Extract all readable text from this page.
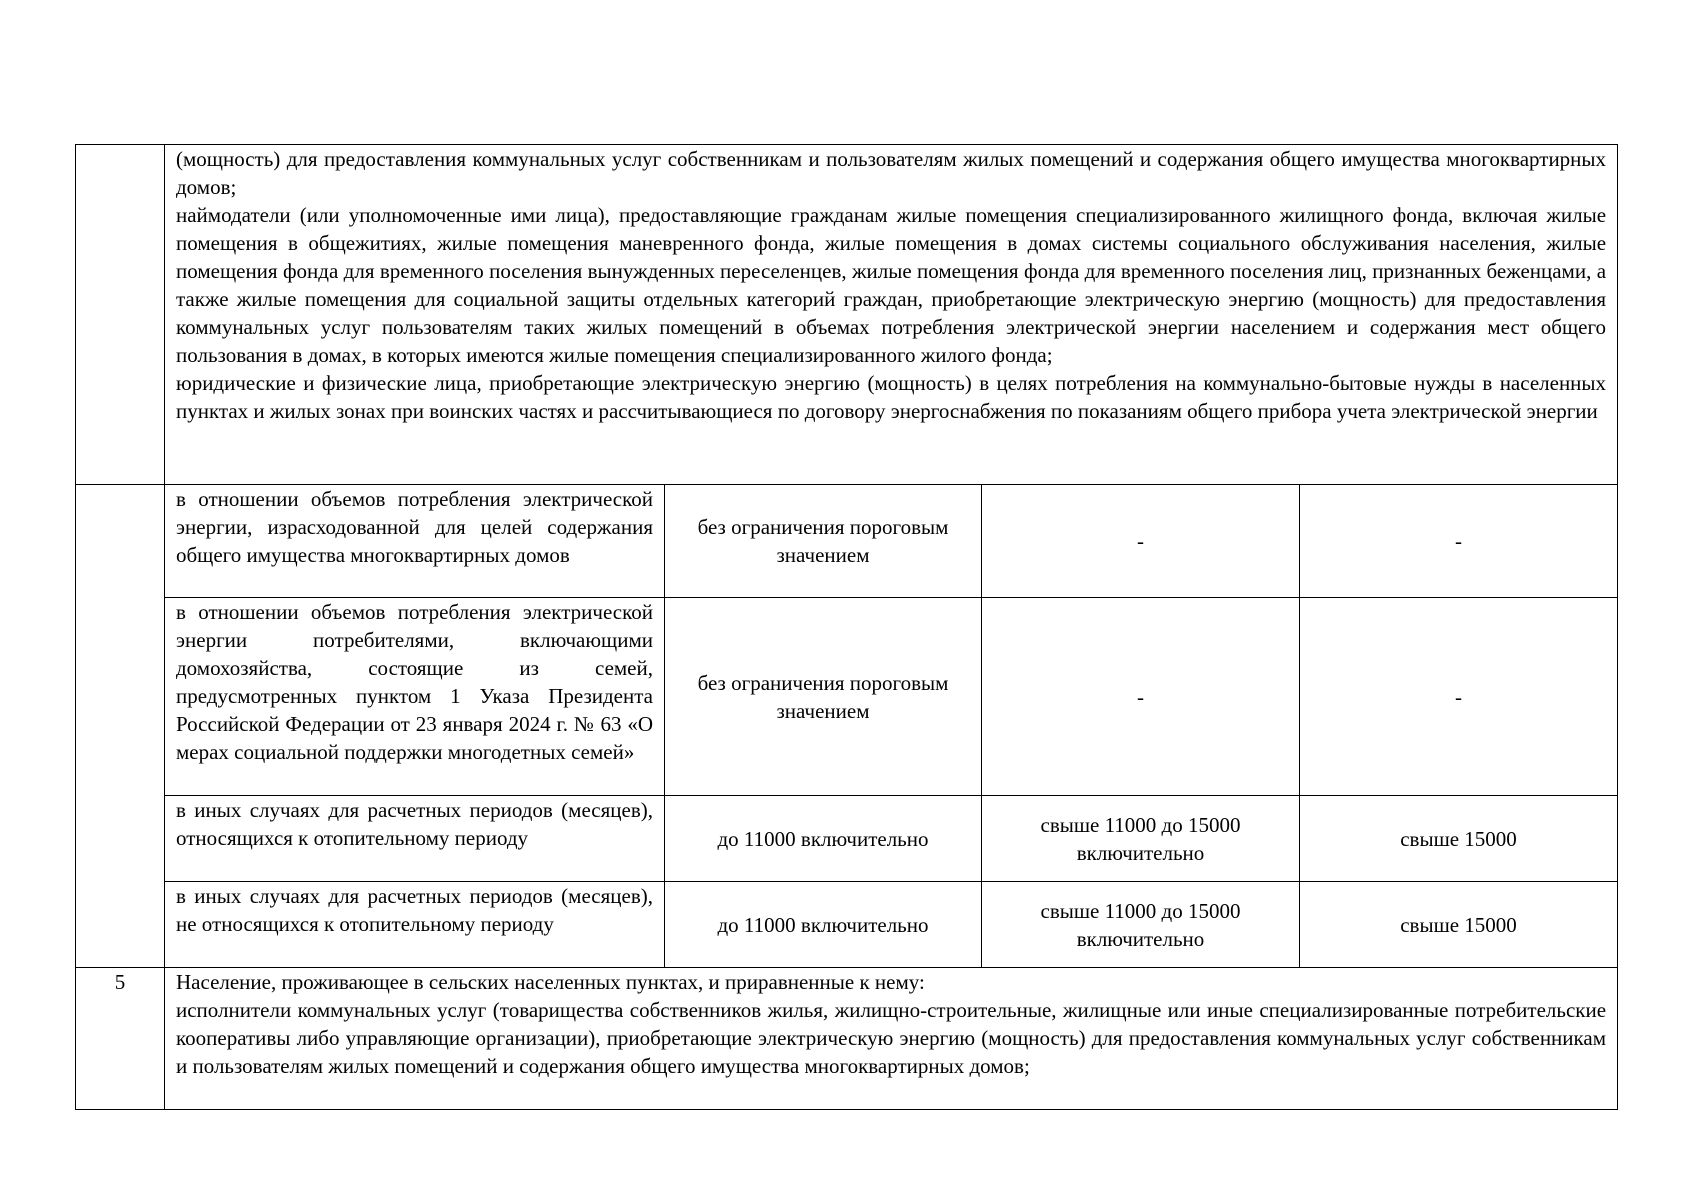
	(мощность) для предоставления коммунальных услуг собственникам и пользователям жилых помещений и содержания общего имущества многоквартирных домов;
наймодатели (или уполномоченные ими лица), предоставляющие гражданам жилые помещения специализированного жилищного фонда, включая жилые помещения в общежитиях, жилые помещения маневренного фонда, жилые помещения в домах системы социального обслуживания населения, жилые помещения фонда для временного поселения вынужденных переселенцев, жилые помещения фонда для временного поселения лиц, признанных беженцами, а также жилые помещения для социальной защиты отдельных категорий граждан, приобретающие электрическую энергию (мощность) для предоставления коммунальных услуг пользователям таких жилых помещений в объемах потребления электрической энергии населением и содержания мест общего пользования в домах, в которых имеются жилые помещения специализированного жилого фонда;
юридические и физические лица, приобретающие электрическую энергию (мощность) в целях потребления на коммунально-бытовые нужды в населенных пунктах и жилых зонах при воинских частях и рассчитывающиеся по договору энергоснабжения по показаниям общего прибора учета электрической энергии			

	в отношении объемов потребления электрической энергии, израсходованной для целей содержания общего имущества многоквартирных домов	без ограничения пороговым значением	-	-
	в отношении объемов потребления электрической энергии потребителями, включающими домохозяйства, состоящие из семей, предусмотренных пунктом 1 Указа Президента Российской Федерации от 23 января 2024 г. № 63 «О мерах социальной поддержки многодетных семей»	без ограничения пороговым значением	-	-
	в иных случаях для расчетных периодов (месяцев), относящихся к отопительному периоду	до 11000 включительно	свыше 11000 до 15000 включительно	свыше 15000
	в иных случаях для расчетных периодов (месяцев), не относящихся к отопительному периоду	до 11000 включительно	свыше 11000 до 15000 включительно	свыше 15000
5	Население, проживающее в сельских населенных пунктах, и приравненные к нему:
исполнители коммунальных услуг (товарищества собственников жилья, жилищно-строительные, жилищные или иные специализированные потребительские кооперативы либо управляющие организации), приобретающие электрическую энергию (мощность) для предоставления коммунальных услуг собственникам и пользователям жилых помещений и содержания общего имущества многоквартирных домов;			
